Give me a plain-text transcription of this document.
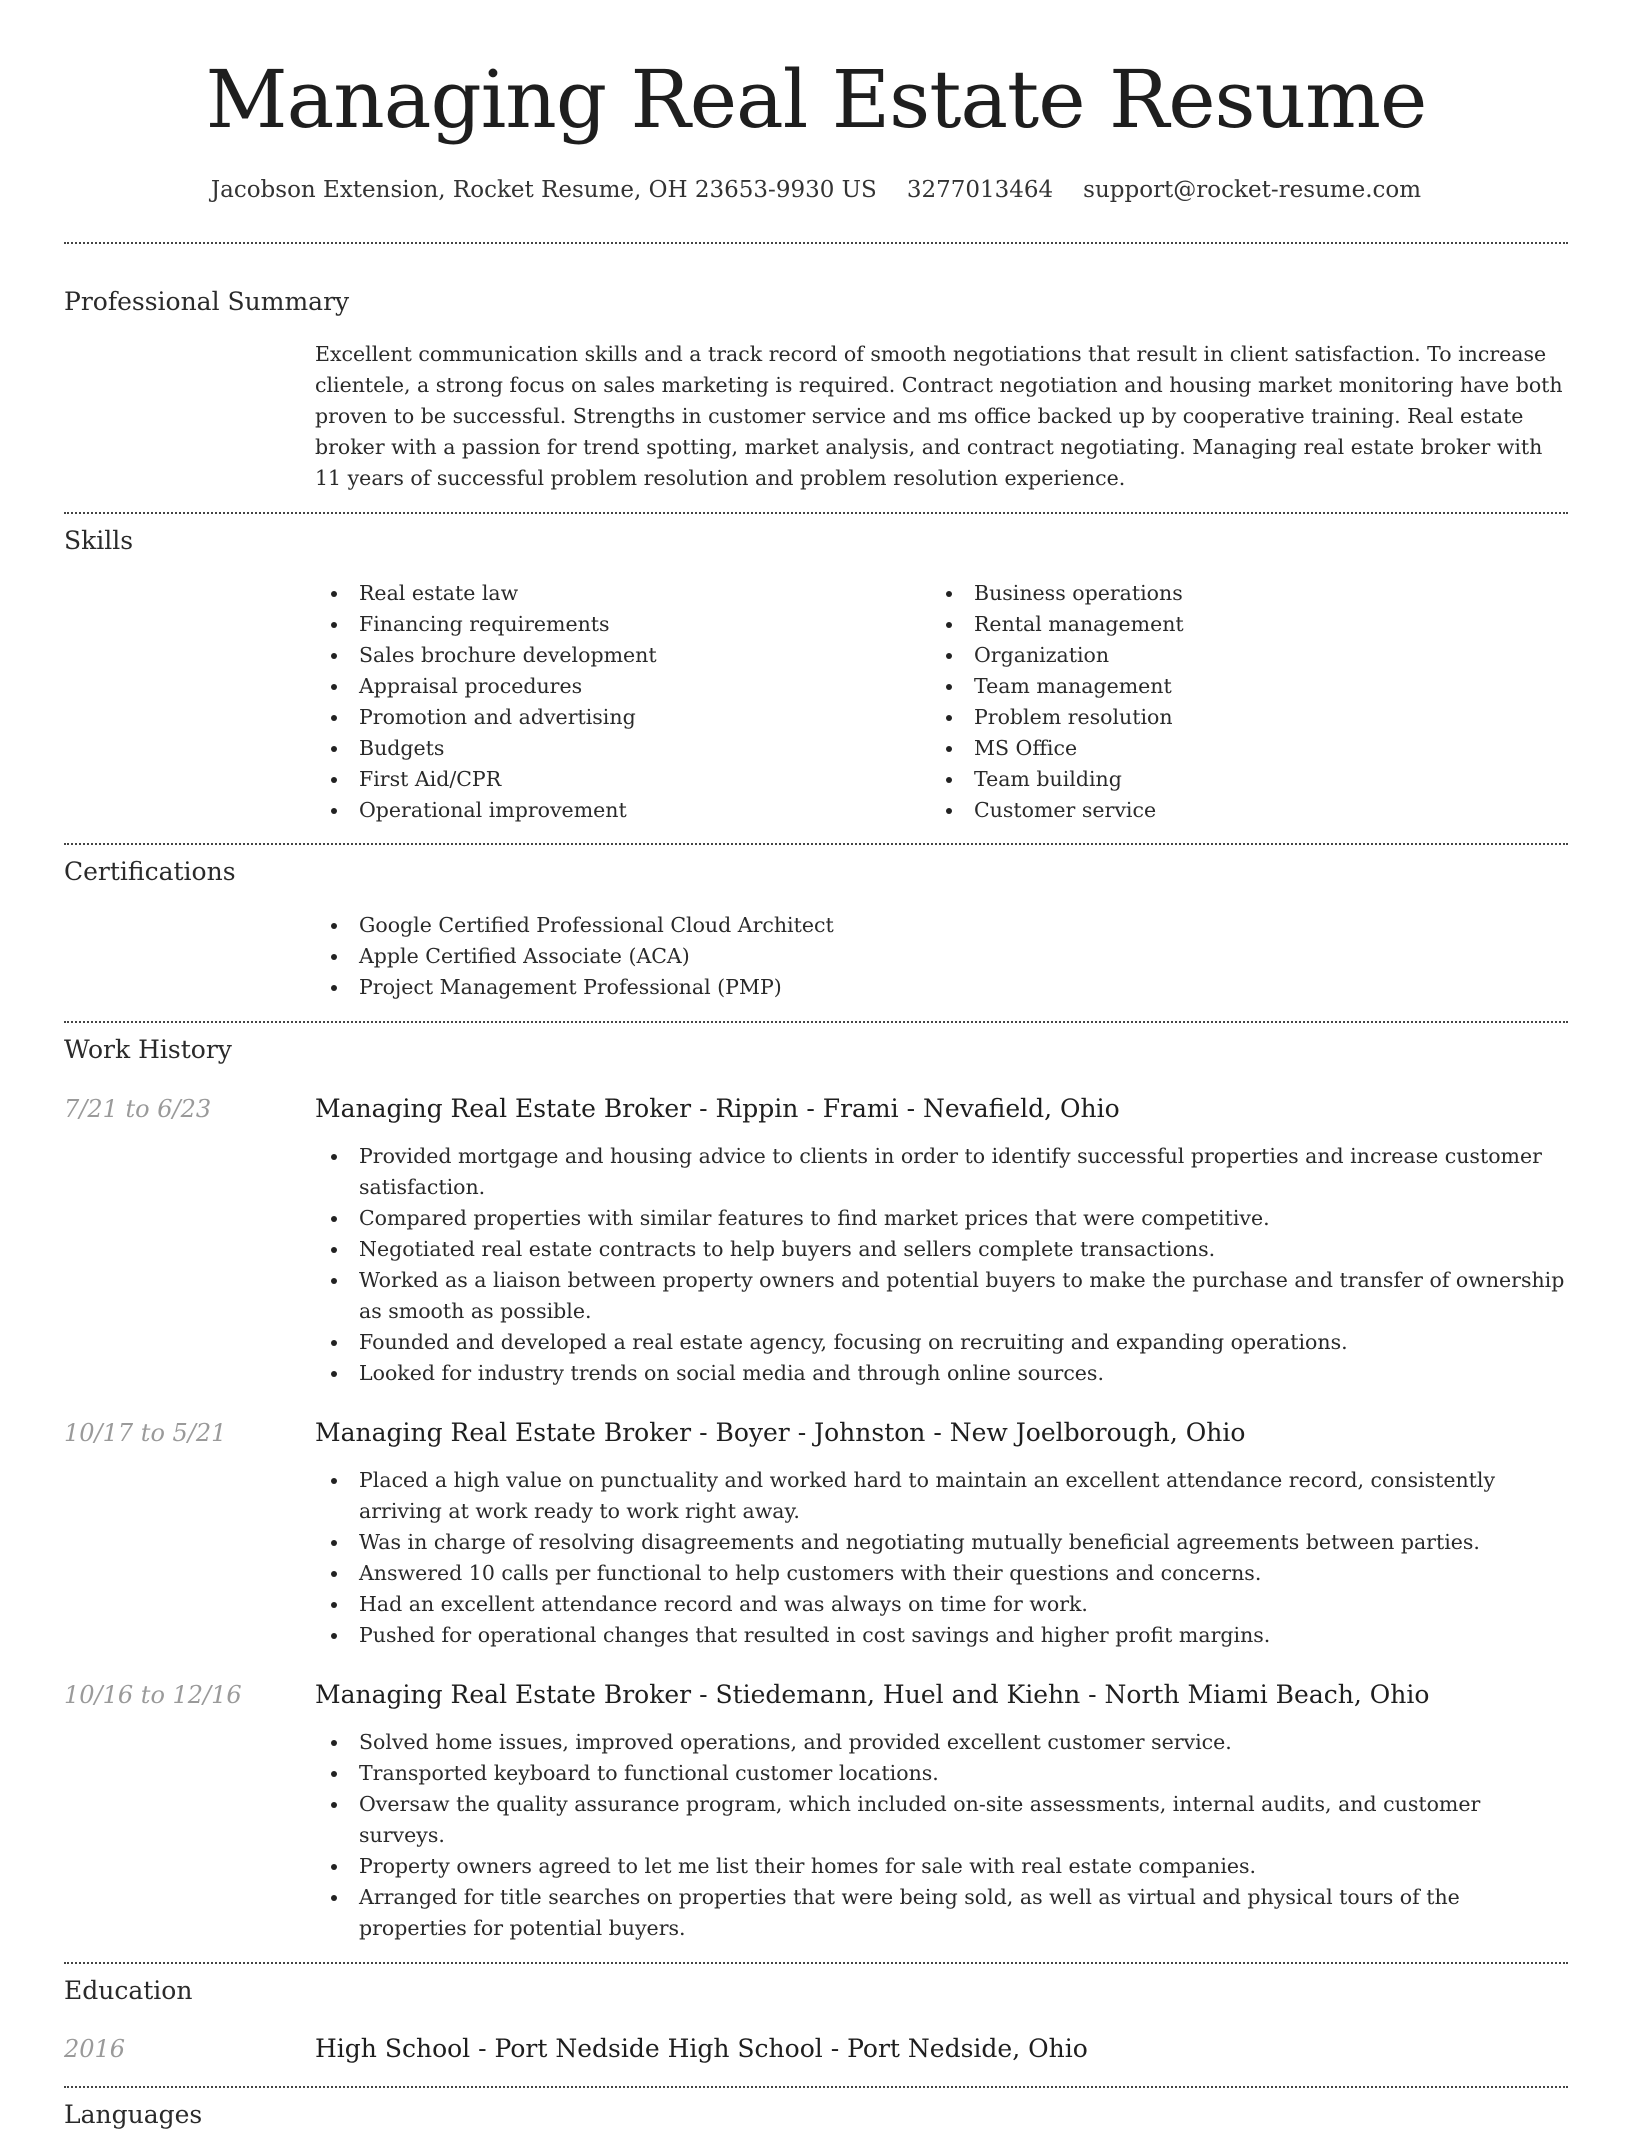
Managing Real Estate Resume
Jacobson Extension, Rocket Resume, OH 23653-9930 US 3277013464 support@rocket-resume.com
Professional Summary

Excellent communication skills and a track record of smooth negotiations that result in client satisfaction. To increase clientele, a strong focus on sales marketing is required. Contract negotiation and housing market monitoring have both proven to be successful. Strengths in customer service and ms office backed up by cooperative training. Real estate broker with a passion for trend spotting, market analysis, and contract negotiating. Managing real estate broker with 11 years of successful problem resolution and problem resolution experience.

Skills
Real estate law
Financing requirements
Sales brochure development
Appraisal procedures
Promotion and advertising
Budgets
First Aid/CPR
Operational improvement
Business operations
Rental management
Organization
Team management
Problem resolution
MS Office
Team building
Customer service
Certifications
Google Certified Professional Cloud Architect
Apple Certified Associate (ACA)
Project Management Professional (PMP)
Work History
7/21 to 6/23	Managing Real Estate Broker - Rippin - Frami - Nevafield, Ohio
Provided mortgage and housing advice to clients in order to identify successful properties and increase customer satisfaction.
Compared properties with similar features to find market prices that were competitive.
Negotiated real estate contracts to help buyers and sellers complete transactions.
Worked as a liaison between property owners and potential buyers to make the purchase and transfer of ownership as smooth as possible.
Founded and developed a real estate agency, focusing on recruiting and expanding operations.
Looked for industry trends on social media and through online sources.
10/17 to 5/21	Managing Real Estate Broker - Boyer - Johnston - New Joelborough, Ohio
Placed a high value on punctuality and worked hard to maintain an excellent attendance record, consistently arriving at work ready to work right away.
Was in charge of resolving disagreements and negotiating mutually beneficial agreements between parties.
Answered 10 calls per functional to help customers with their questions and concerns.
Had an excellent attendance record and was always on time for work.
Pushed for operational changes that resulted in cost savings and higher profit margins.
10/16 to 12/16	Managing Real Estate Broker - Stiedemann, Huel and Kiehn - North Miami Beach, Ohio
Solved home issues, improved operations, and provided excellent customer service.
Transported keyboard to functional customer locations.
Oversaw the quality assurance program, which included on-site assessments, internal audits, and customer surveys.
Property owners agreed to let me list their homes for sale with real estate companies.
Arranged for title searches on properties that were being sold, as well as virtual and physical tours of the properties for potential buyers.
Education
2016	High School - Port Nedside High School - Port Nedside, Ohio
Languages
